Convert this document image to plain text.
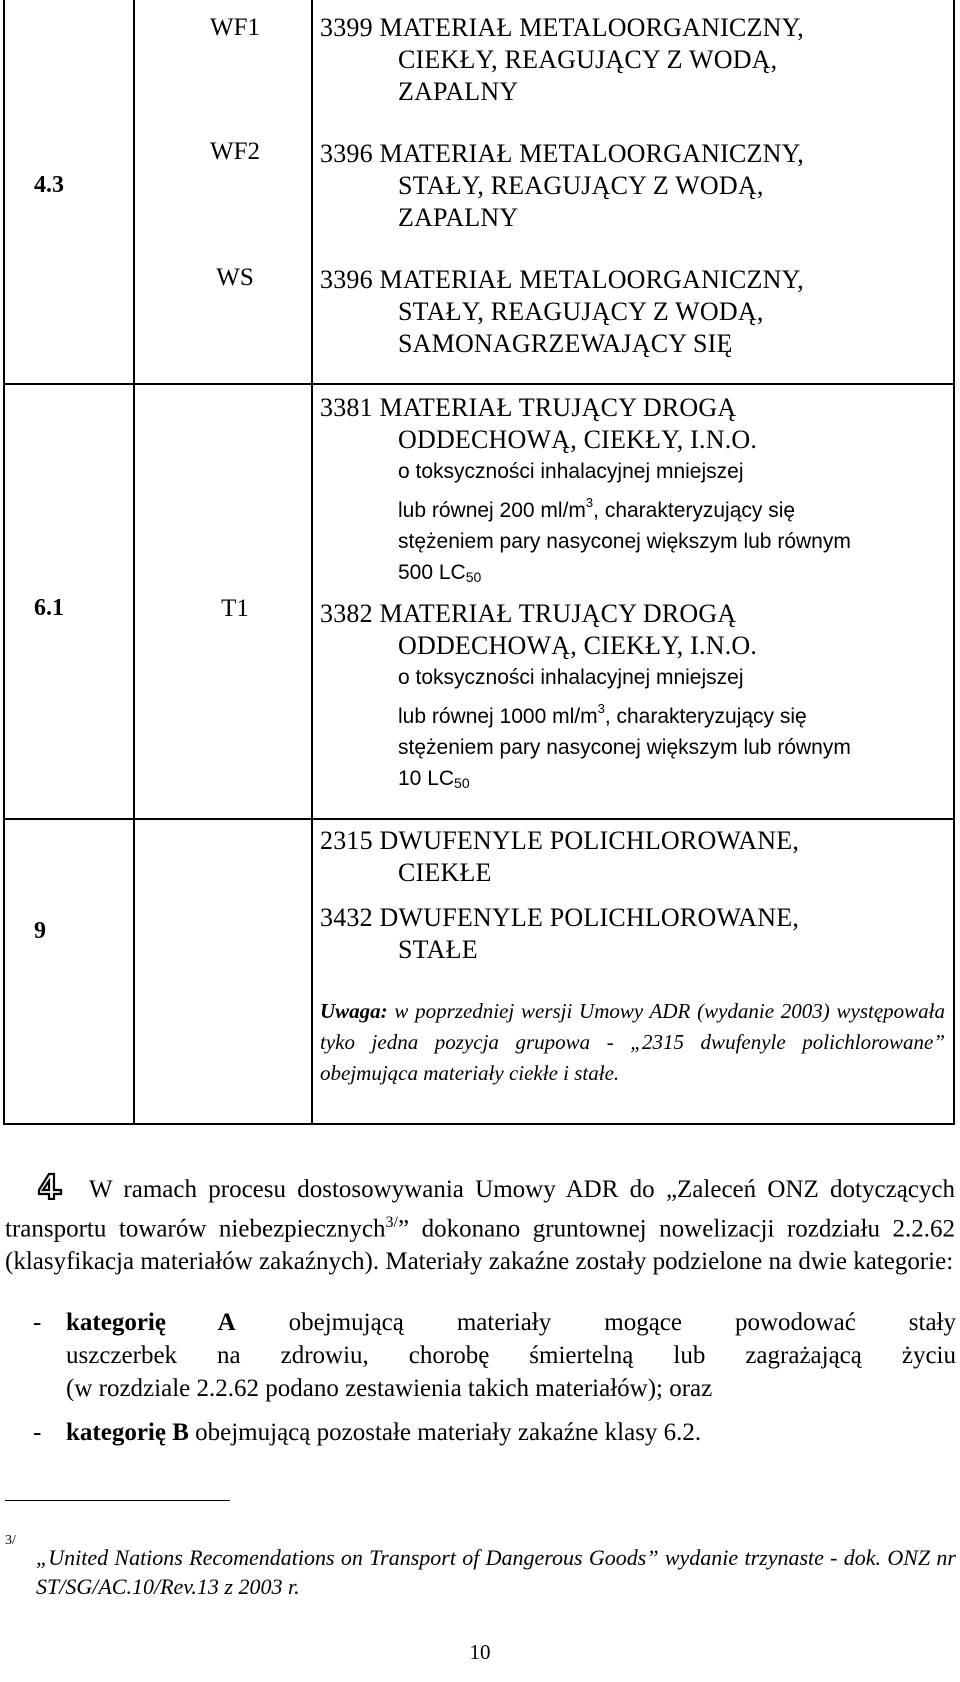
4.3
WF1
WF2
WS
3399 MATERIAŁ METALOORGANICZNY,
CIEKŁY, REAGUJĄCY Z WODĄ,
ZAPALNY
3396 MATERIAŁ METALOORGANICZNY,
STAŁY, REAGUJĄCY Z WODĄ,
ZAPALNY
3396 MATERIAŁ METALOORGANICZNY,
STAŁY, REAGUJĄCY Z WODĄ,
SAMONAGRZEWAJĄCY SIĘ
6.1	T1
3381 MATERIAŁ TRUJĄCY DROGĄ
ODDECHOWĄ, CIEKŁY, I.N.O.
o toksyczności inhalacyjnej mniejszej
lub równej 200 $ml/m^3$, charakteryzujący się
stężeniem pary nasyconej większym lub równym
500 LC50
3382 MATERIAŁ TRUJĄCY DROGĄ
ODDECHOWĄ, CIEKŁY, I.N.O.
o toksyczności inhalacyjnej mniejszej
lub równej 1000 $ml/m^3$, charakteryzujący się
stężeniem pary nasyconej większym lub równym
10 LC50
9
2315 DWUFENYLE POLICHLOROWANE,
CIEKŁE
3432 DWUFENYLE POLICHLOROWANE,
STAŁE
Uwaga: w poprzedniej wersji Umowy ADR (wydanie 2003) występowała tyko jedna pozycja grupowa - „2315 dwufenyle polichlorowane” obejmująca materiały ciekłe i stałe.
W ramach procesu dostosowywania Umowy ADR do „Zaleceń ONZ dotyczących transportu towarów niebezpiecznych$^{3/}$” dokonano gruntownej nowelizacji rozdziału 2.2.62 (klasyfikacja materiałów zakaźnych). Materiały zakaźne zostały podzielone na dwie kategorie:
- kategorię A obejmującą materiały mogące powodować stały
uszczerbek na zdrowiu, chorobę śmiertelną lub zagrażającą życiu
(w rozdziale 2.2.62 podano zestawienia takich materiałów); oraz
- kategorię B obejmującą pozostałe materiały zakaźne klasy 6.2.
3/
„United Nations Recomendations on Transport of Dangerous Goods” wydanie trzynaste - dok. ONZ nr ST/SG/AC.10/Rev.13 z 2003 r.
10
